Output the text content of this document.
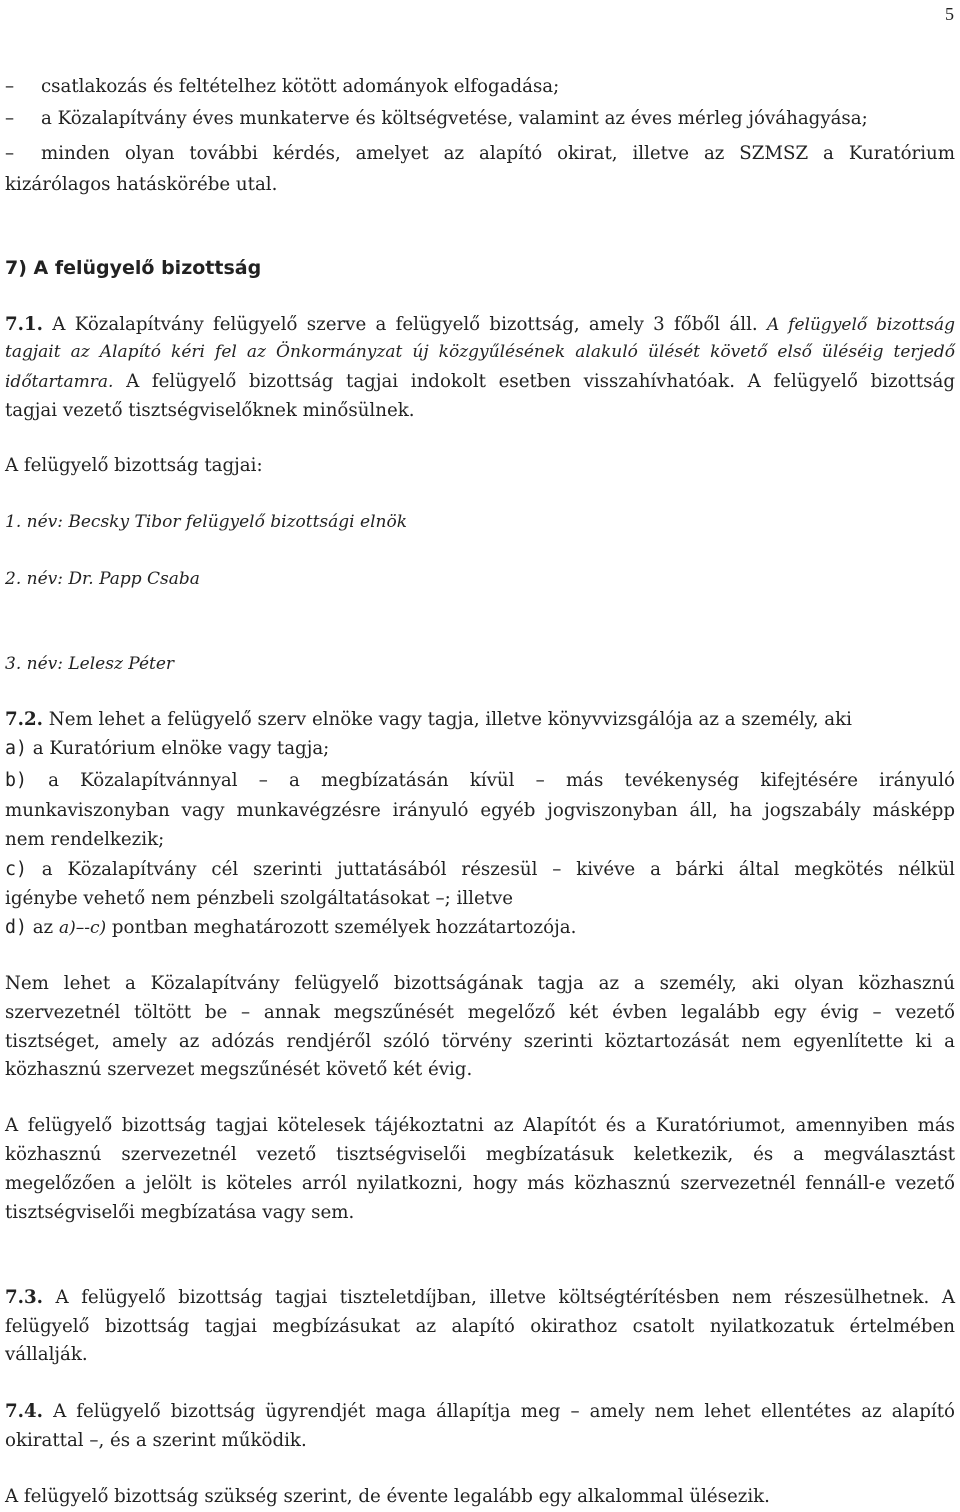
5
– csatlakozás és feltételhez kötött adományok elfogadása;
– a Közalapítvány éves munkaterve és költségvetése, valamint az éves mérleg jóváhagyása;
– minden olyan további kérdés, amelyet az alapító okirat, illetve az SZMSZ a Kuratórium
kizárólagos hatáskörébe utal.
7) A felügyelő bizottság
7.1. A Közalapítvány felügyelő szerve a felügyelő bizottság, amely 3 főből áll. A felügyelő bizottság
tagjait az Alapító kéri fel az Önkormányzat új közgyűlésének alakuló ülését követő első üléséig terjedő
időtartamra. A felügyelő bizottság tagjai indokolt esetben visszahívhatóak. A felügyelő bizottság
tagjai vezető tisztségviselőknek minősülnek.
A felügyelő bizottság tagjai:
1. név: Becsky Tibor felügyelő bizottsági elnök
2. név: Dr. Papp Csaba
3. név: Lelesz Péter
7.2. Nem lehet a felügyelő szerv elnöke vagy tagja, illetve könyvvizsgálója az a személy, aki
a) a Kuratórium elnöke vagy tagja;
b) a Közalapítvánnyal – a megbízatásán kívül – más tevékenység kifejtésére irányuló
munkaviszonyban vagy munkavégzésre irányuló egyéb jogviszonyban áll, ha jogszabály másképp
nem rendelkezik;
c) a Közalapítvány cél szerinti juttatásából részesül – kivéve a bárki által megkötés nélkül
igénybe vehető nem pénzbeli szolgáltatásokat –; illetve
d) az a)–-c) pontban meghatározott személyek hozzátartozója.
Nem lehet a Közalapítvány felügyelő bizottságának tagja az a személy, aki olyan közhasznú
szervezetnél töltött be – annak megszűnését megelőző két évben legalább egy évig – vezető
tisztséget, amely az adózás rendjéről szóló törvény szerinti köztartozását nem egyenlítette ki a
közhasznú szervezet megszűnését követő két évig.
A felügyelő bizottság tagjai kötelesek tájékoztatni az Alapítót és a Kuratóriumot, amennyiben más
közhasznú szervezetnél vezető tisztségviselői megbízatásuk keletkezik, és a megválasztást
megelőzően a jelölt is köteles arról nyilatkozni, hogy más közhasznú szervezetnél fennáll-e vezető
tisztségviselői megbízatása vagy sem.
7.3. A felügyelő bizottság tagjai tiszteletdíjban, illetve költségtérítésben nem részesülhetnek. A
felügyelő bizottság tagjai megbízásukat az alapító okirathoz csatolt nyilatkozatuk értelmében
vállalják.
7.4. A felügyelő bizottság ügyrendjét maga állapítja meg – amely nem lehet ellentétes az alapító
okirattal –, és a szerint működik.
A felügyelő bizottság szükség szerint, de évente legalább egy alkalommal ülésezik.
